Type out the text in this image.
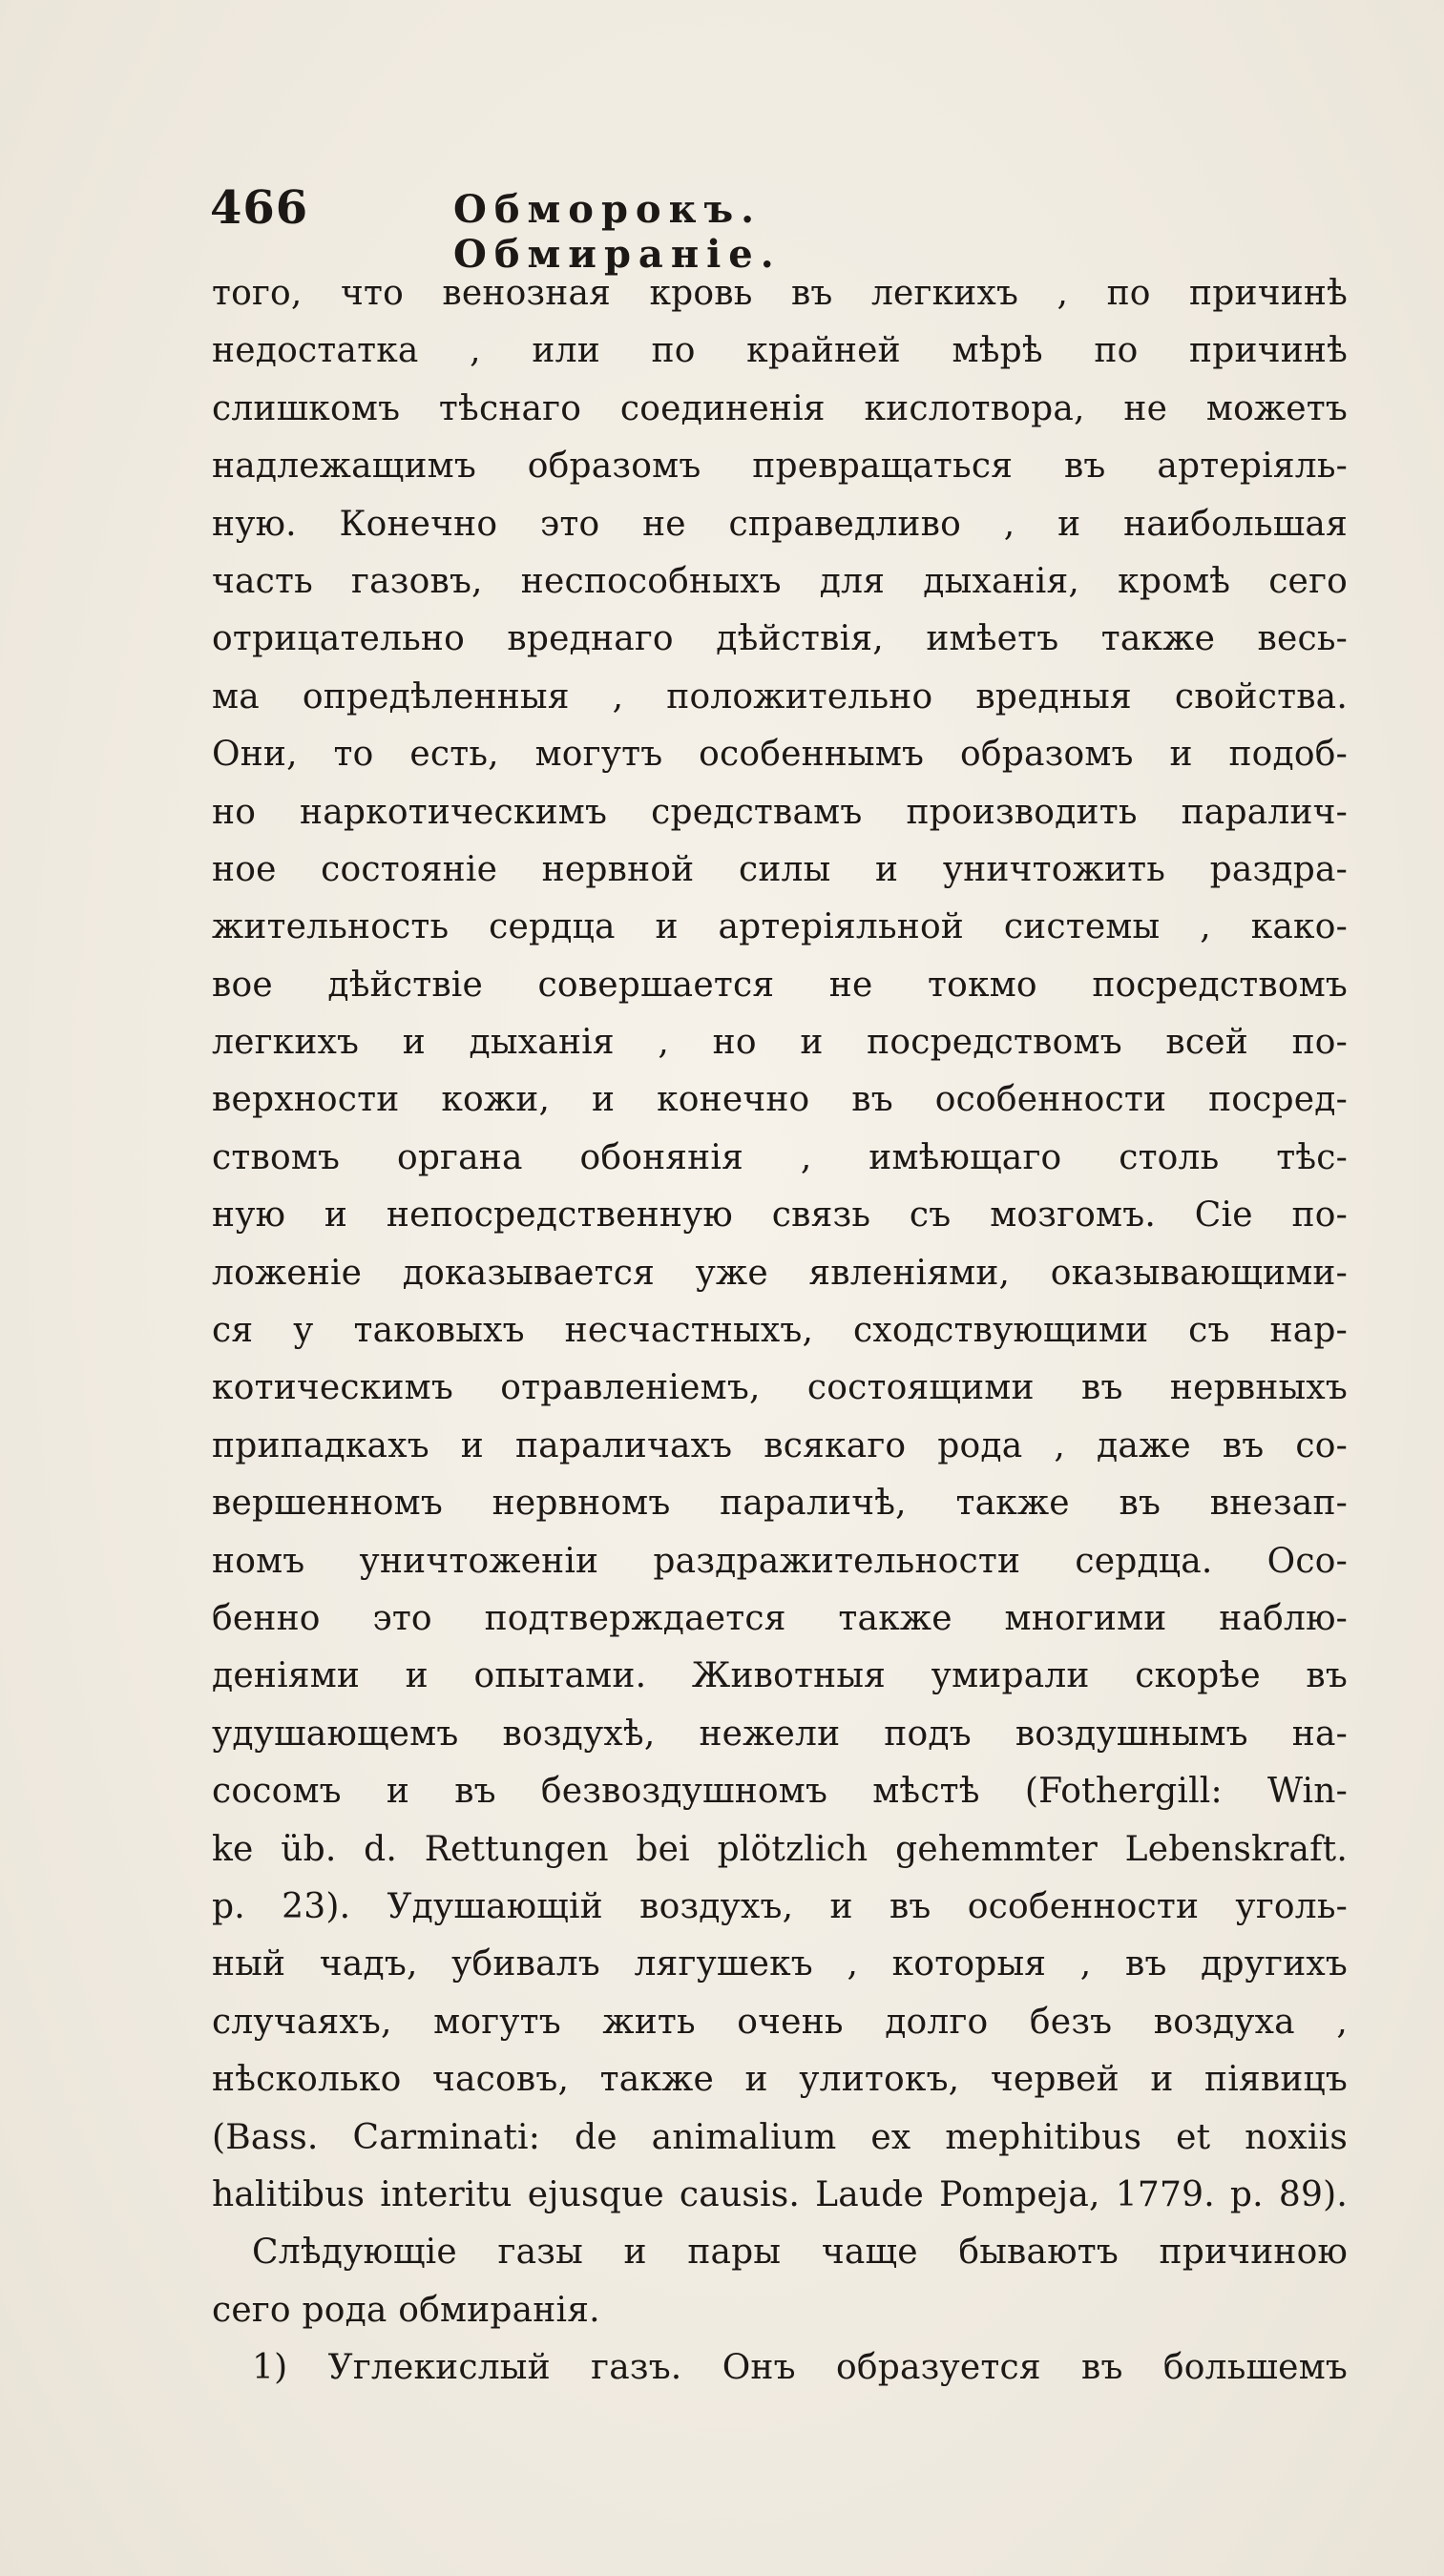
466	Обморокъ. Обмиранiе.
того, что венозная кровь въ легкихъ , по причинѣ
недостатка , или по крайней мѣрѣ по причинѣ
слишкомъ тѣснаго соединенiя кислотвора, не можетъ
надлежащимъ образомъ превращаться въ артерiяль-
ную. Конечно это не справедливо , и наибольшая
часть газовъ, неспособныхъ для дыханiя, кромѣ сего
отрицательно вреднаго дѣйствiя, имѣетъ также весь-
ма опредѣленныя , положительно вредныя свойства.
Они, то есть, могутъ особеннымъ образомъ и подоб-
но наркотическимъ средствамъ производить паралич-
ное состоянiе нервной силы и уничтожить раздра-
жительность сердца и артерiяльной системы , како-
вое дѣйствiе совершается не токмо посредствомъ
легкихъ и дыханiя , но и посредствомъ всей по-
верхности кожи, и конечно въ особенности посред-
ствомъ органа обонянiя , имѣющаго столь тѣс-
ную и непосредственную связь съ мозгомъ. Сiе по-
ложенiе доказывается уже явленiями, оказывающими-
ся у таковыхъ несчастныхъ, сходствующими съ нар-
котическимъ отравленiемъ, состоящими въ нервныхъ
припадкахъ и параличахъ всякаго рода , даже въ со-
вершенномъ нервномъ параличѣ, также въ внезап-
номъ уничтоженiи раздражительности сердца. Осо-
бенно это подтверждается также многими наблю-
денiями и опытами. Животныя умирали скорѣе въ
удушающемъ воздухѣ, нежели подъ воздушнымъ на-
сосомъ и въ безвоздушномъ мѣстѣ (Fothergill: Win-
ke üb. d. Rettungen bei plötzlich gehemmter Lebenskraft.
p. 23). Удушающiй воздухъ, и въ особенности уголь-
ный чадъ, убивалъ лягушекъ , которыя , въ другихъ
случаяхъ, могутъ жить очень долго безъ воздуха ,
нѣсколько часовъ, также и улитокъ, червей и пiявицъ
(Bass. Carminati: de animalium ex mephitibus et noxiis
halitibus interitu ejusque causis. Laude Pompeja, 1779. p. 89).
Слѣдующiе газы и пары чаще бываютъ причиною
сего рода обмиранiя.
1) Углекислый газъ. Онъ образуется въ большемъ
